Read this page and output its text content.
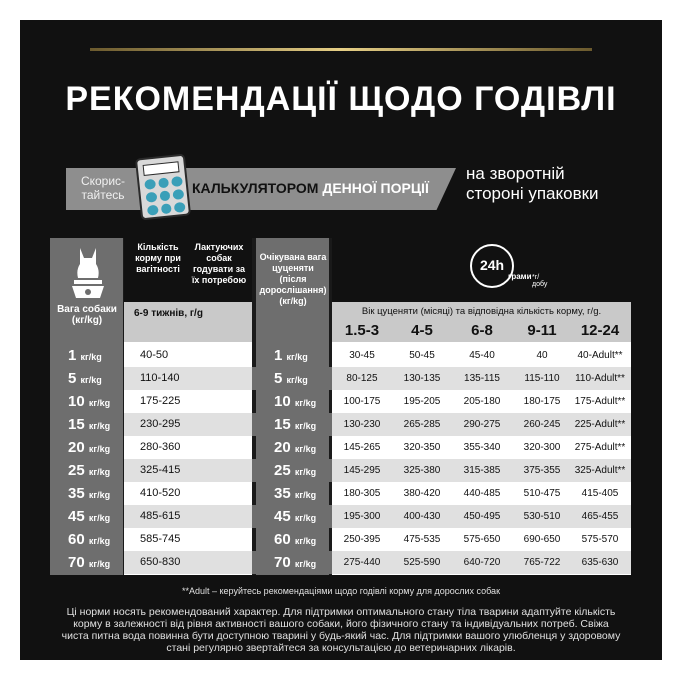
РЕКОМЕНДАЦІЇ ЩОДО ГОДІВЛІ
Скорис-
тайтесь	КАЛЬКУЛЯТОРОМ ДЕННОЇ ПОРЦІЇ
на зворотній
стороні упаковки
Вага собаки (кг/kg)
Кількість корму при вагітності
Лактуючих собак годувати за їх потребою
6-9 тижнів, г/g
Очікувана вага цуценяти (після дорослішання) (кг/kg)
24h
грами *г/добу
Вік цуценяти (місяці) та відповідна кількість корму, г/g.
1.5-3	4-5	6-8	9-11	12-24
1 кг/kg	40-50	1 кг/kg	30-45	50-45	45-40	40	40-Adult**
5 кг/kg	110-140	5 кг/kg	80-125	130-135	135-115	115-110	110-Adult**
10 кг/kg	175-225	10 кг/kg	100-175	195-205	205-180	180-175	175-Adult**
15 кг/kg	230-295	15 кг/kg	130-230	265-285	290-275	260-245	225-Adult**
20 кг/kg	280-360	20 кг/kg	145-265	320-350	355-340	320-300	275-Adult**
25 кг/kg	325-415	25 кг/kg	145-295	325-380	315-385	375-355	325-Adult**
35 кг/kg	410-520	35 кг/kg	180-305	380-420	440-485	510-475	415-405
45 кг/kg	485-615	45 кг/kg	195-300	400-430	450-495	530-510	465-455
60 кг/kg	585-745	60 кг/kg	250-395	475-535	575-650	690-650	575-570
70 кг/kg	650-830	70 кг/kg	275-440	525-590	640-720	765-722	635-630
**Adult – керуйтесь рекомендаціями щодо годівлі корму для дорослих собак
Ці норми носять рекомендований характер. Для підтримки оптимального стану тіла тварини адаптуйте кількість корму в залежності від рівня активності вашого собаки, його фізичного стану та індивідуальних потреб. Свіжа чиста питна вода повинна бути доступною тварині у будь-який час. Для підтримки вашого улюбленця у здоровому стані регулярно звертайтеся за консультацією до ветеринарних лікарів.
